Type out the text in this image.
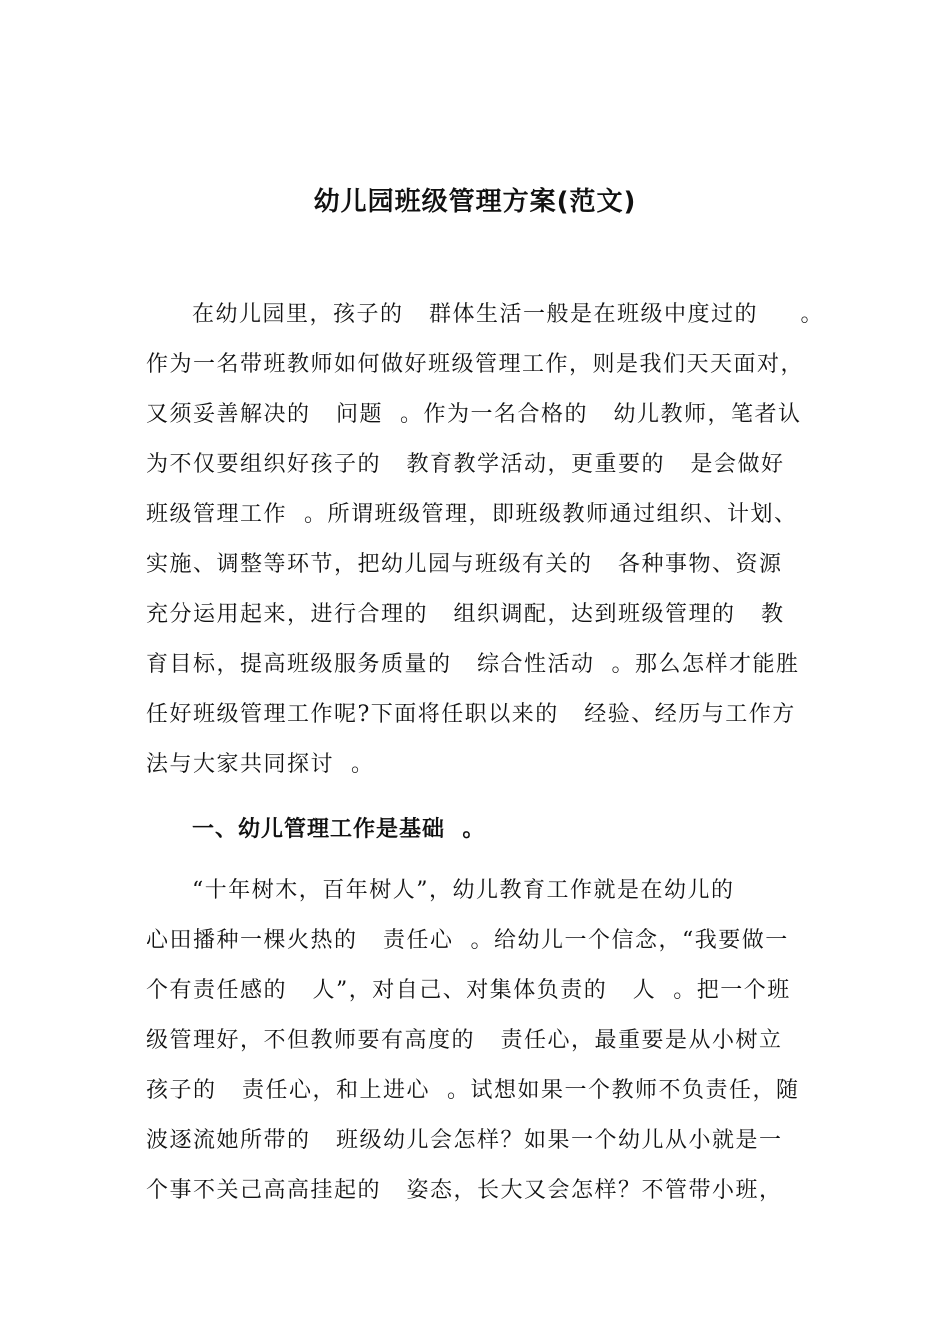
幼儿园班级管理方案(范文)
在幼儿园里，孩子的   群体生活一般是在班级中度过的     。
作为一名带班教师如何做好班级管理工作，则是我们天天面对，
又须妥善解决的   问题  。作为一名合格的   幼儿教师，笔者认
为不仅要组织好孩子的   教育教学活动，更重要的   是会做好
班级管理工作  。所谓班级管理，即班级教师通过组织、计划、
实施、调整等环节，把幼儿园与班级有关的   各种事物、资源
充分运用起来，进行合理的   组织调配，达到班级管理的   教
育目标，提高班级服务质量的   综合性活动  。那么怎样才能胜
任好班级管理工作呢?下面将任职以来的   经验、经历与工作方
法与大家共同探讨  。
一、幼儿管理工作是基础  。
“十年树木，百年树人”，幼儿教育工作就是在幼儿的
心田播种一棵火热的   责任心  。给幼儿一个信念，“我要做一
个有责任感的   人”，对自己、对集体负责的   人  。把一个班
级管理好，不但教师要有高度的   责任心，最重要是从小树立
孩子的   责任心，和上进心  。试想如果一个教师不负责任，随
波逐流她所带的   班级幼儿会怎样？如果一个幼儿从小就是一
个事不关己高高挂起的   姿态，长大又会怎样？不管带小班，
